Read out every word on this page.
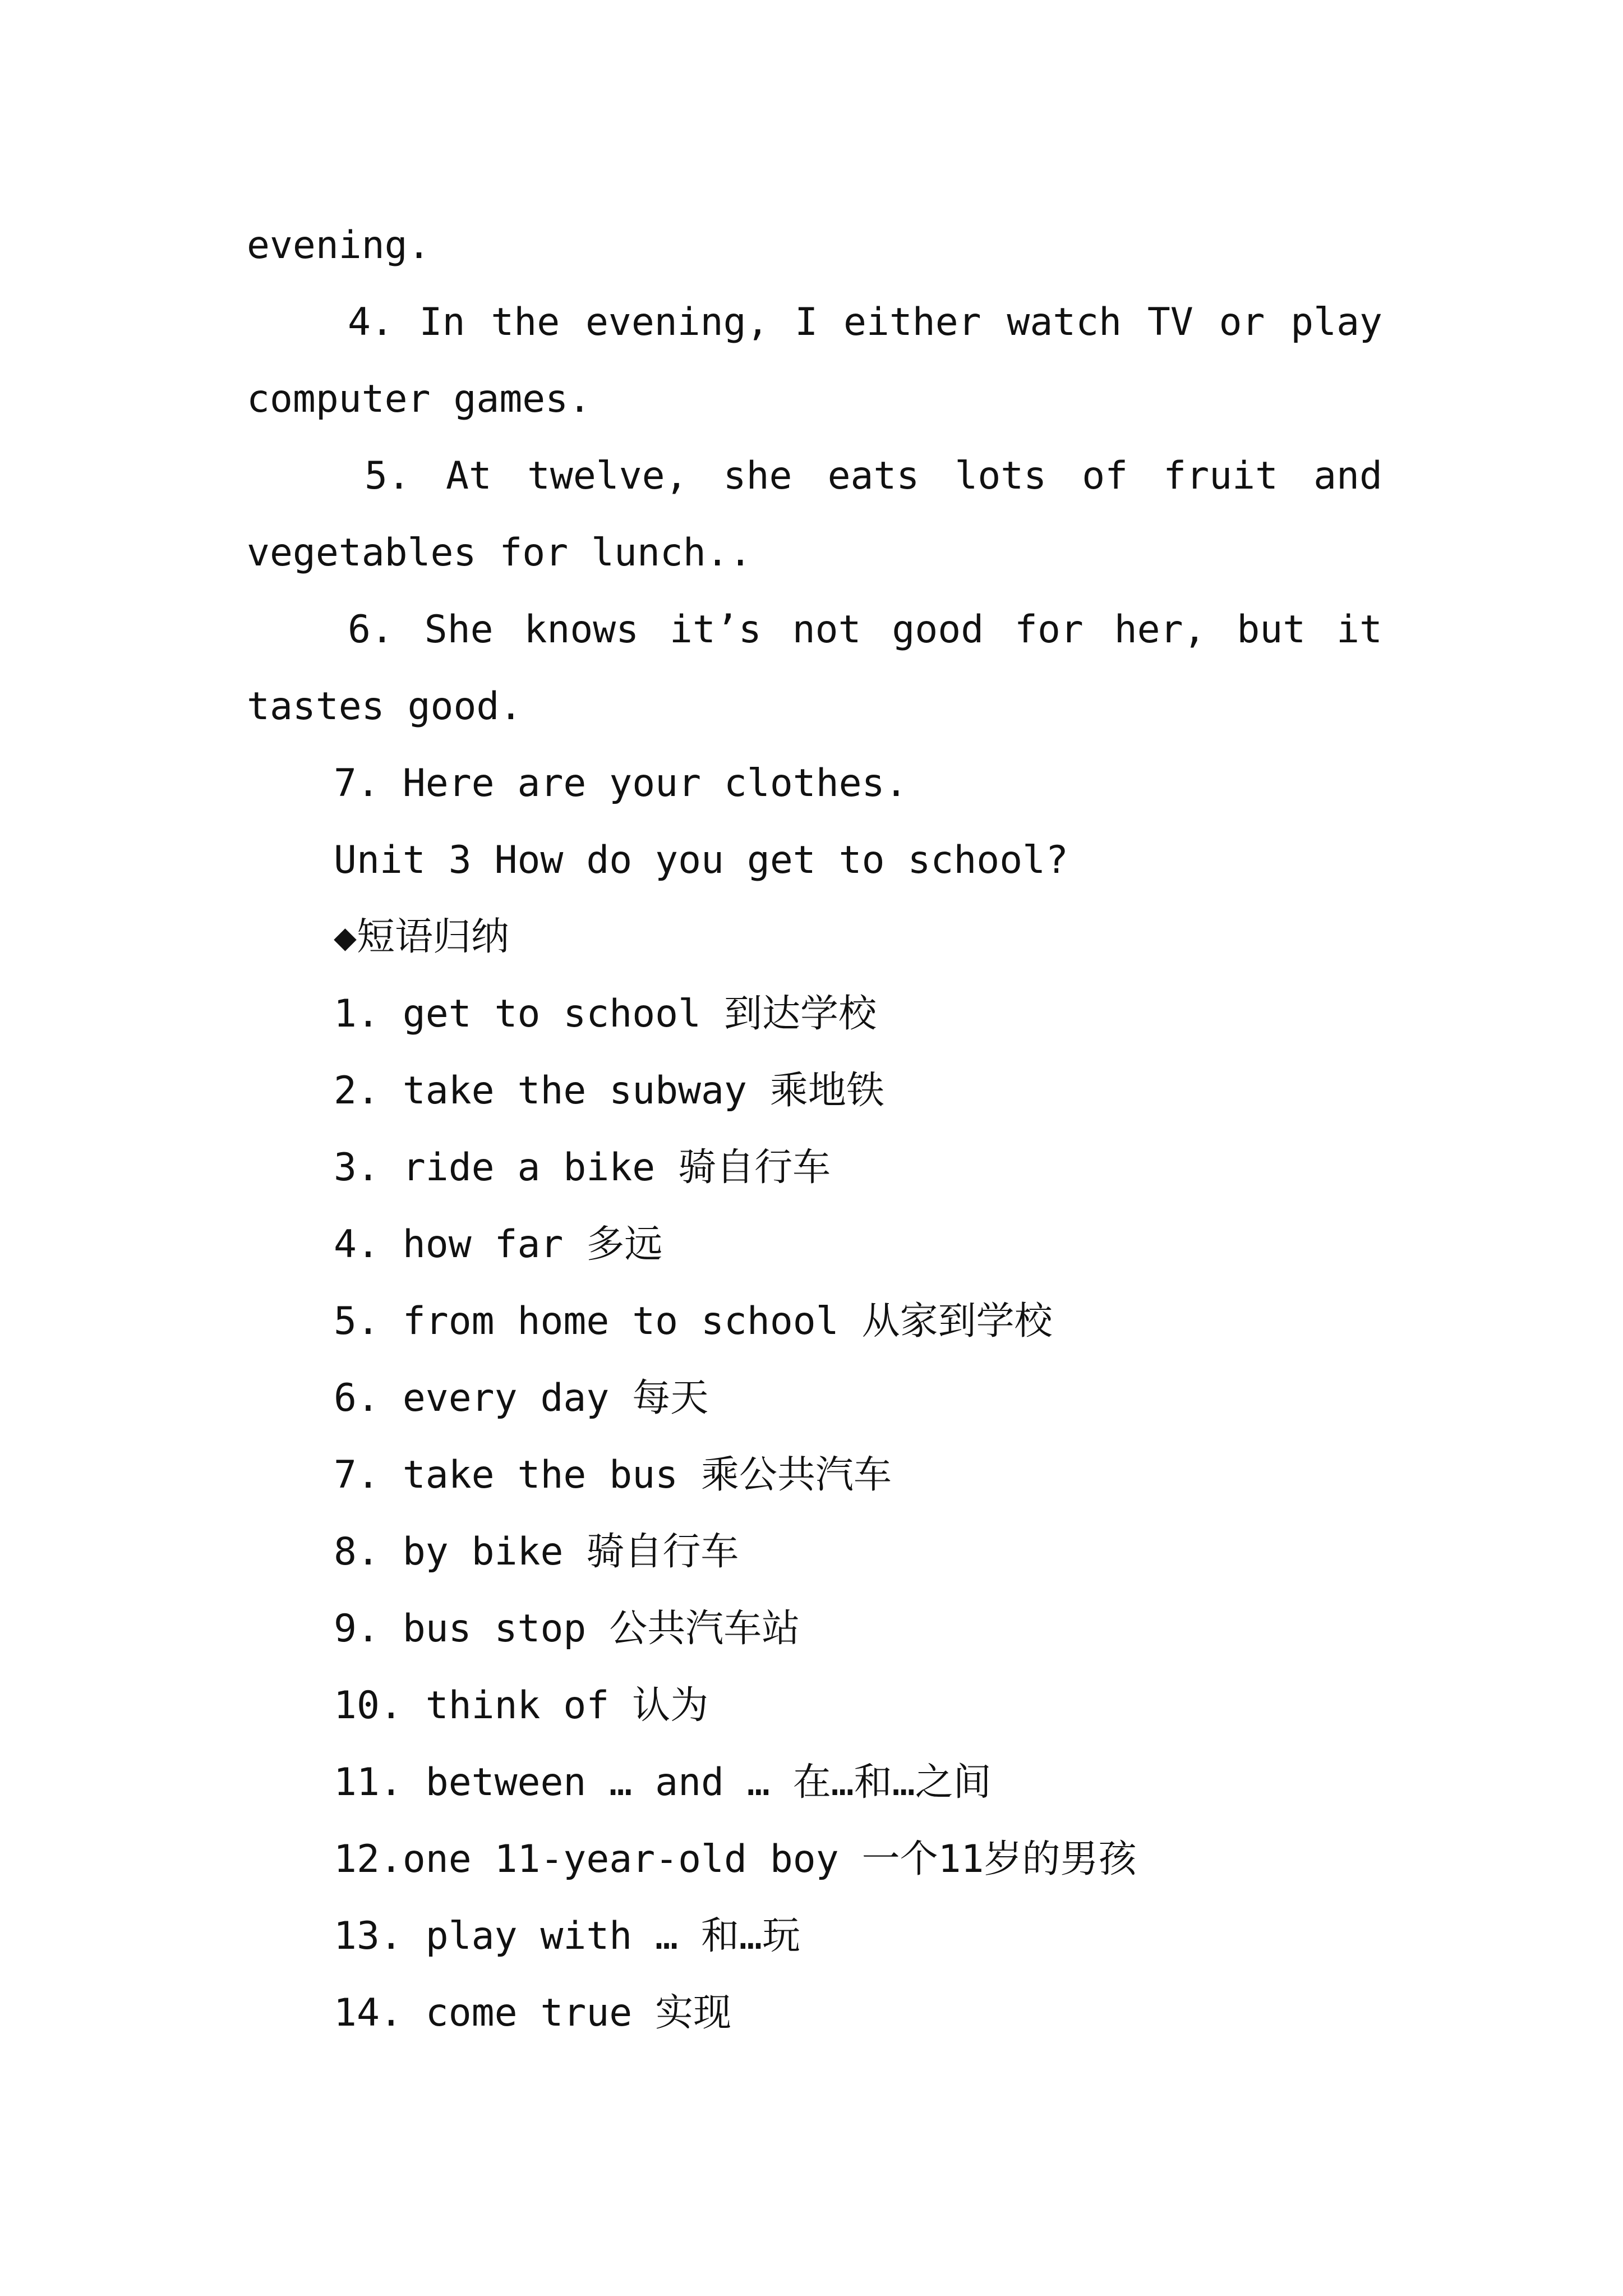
evening.
4. In the evening, I either watch TV or play
computer games.
5. At twelve, she eats lots of fruit and
vegetables for lunch..
6. She knows it’s not good for her, but it
tastes good.
7. Here are your clothes.
Unit 3 How do you get to school?
◆短语归纳
1. get to school 到达学校
2. take the subway 乘地铁
3. ride a bike 骑自行车
4. how far 多远
5. from home to school 从家到学校
6. every day 每天
7. take the bus 乘公共汽车
8. by bike 骑自行车
9. bus stop 公共汽车站
10. think of 认为
11. between … and … 在…和…之间
12.one 11-year-old boy 一个11岁的男孩
13. play with … 和…玩
14. come true 实现
